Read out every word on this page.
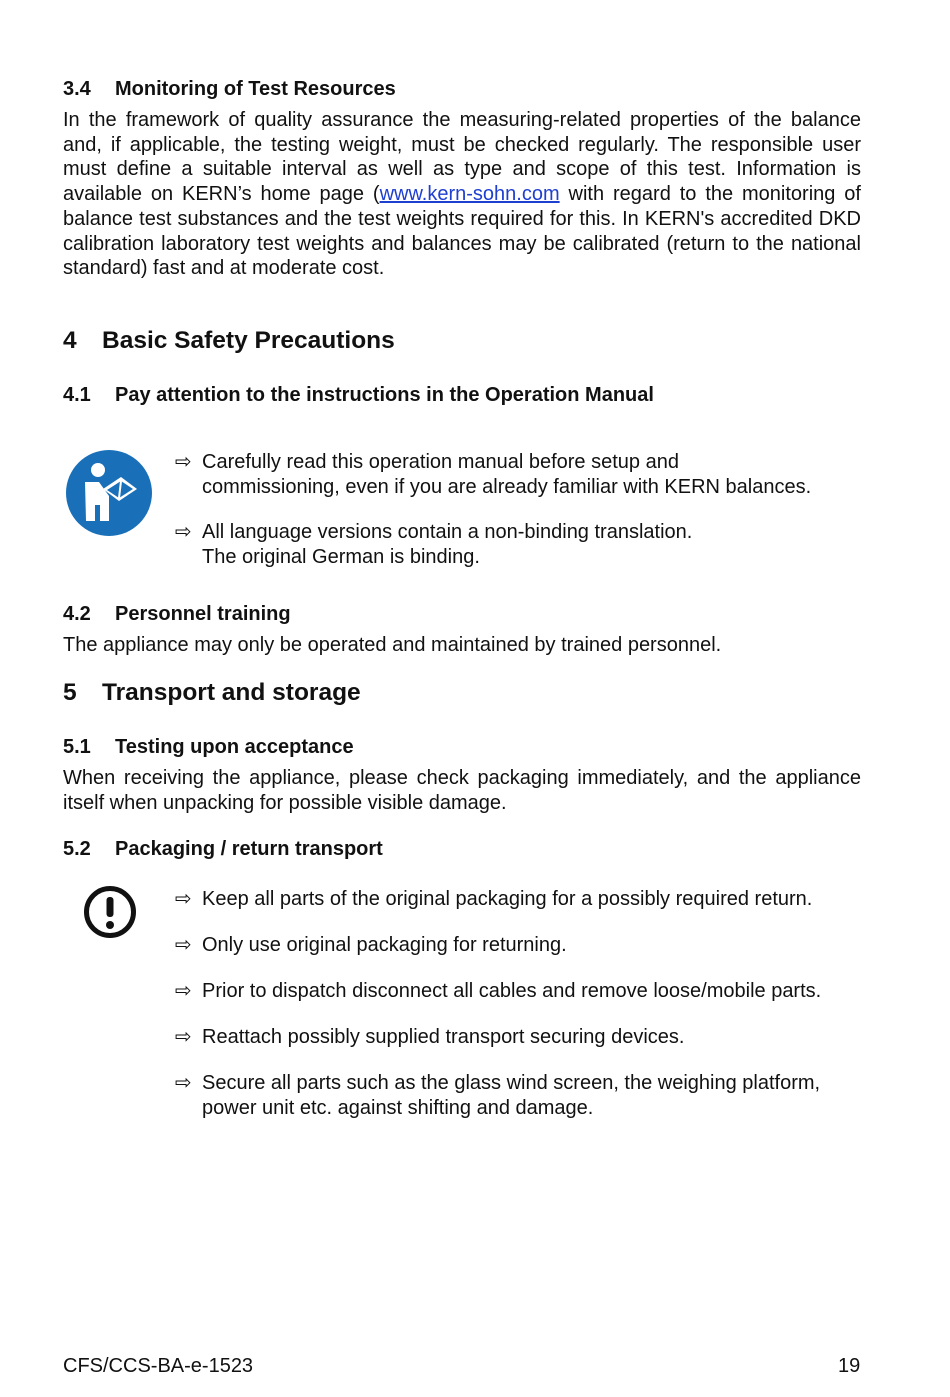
3.4 Monitoring of Test Resources

In the framework of quality assurance the measuring-related properties of the balance and, if applicable, the testing weight, must be checked regularly. The responsible user must define a suitable interval as well as type and scope of this test. Information is available on KERN’s home page (www.kern-sohn.com with regard to the monitoring of balance test substances and the test weights required for this. In KERN's accredited DKD calibration laboratory test weights and balances may be calibrated (return to the national standard) fast and at moderate cost.

4 Basic Safety Precautions
4.1 Pay attention to the instructions in the Operation Manual
⇨ Carefully read this operation manual before setup and
commissioning, even if you are already familiar with KERN balances.
⇨ All language versions contain a non-binding translation.
The original German is binding.
4.2 Personnel training

The appliance may only be operated and maintained by trained personnel.

5 Transport and storage
5.1 Testing upon acceptance

When receiving the appliance, please check packaging immediately, and the appliance itself when unpacking for possible visible damage.

5.2 Packaging / return transport
⇨ Keep all parts of the original packaging for a possibly required return.
⇨ Only use original packaging for returning.
⇨ Prior to dispatch disconnect all cables and remove loose/mobile parts.
⇨ Reattach possibly supplied transport securing devices.
⇨ Secure all parts such as the glass wind screen, the weighing platform,
power unit etc. against shifting and damage.
CFS/CCS-BA-e-1523	19
